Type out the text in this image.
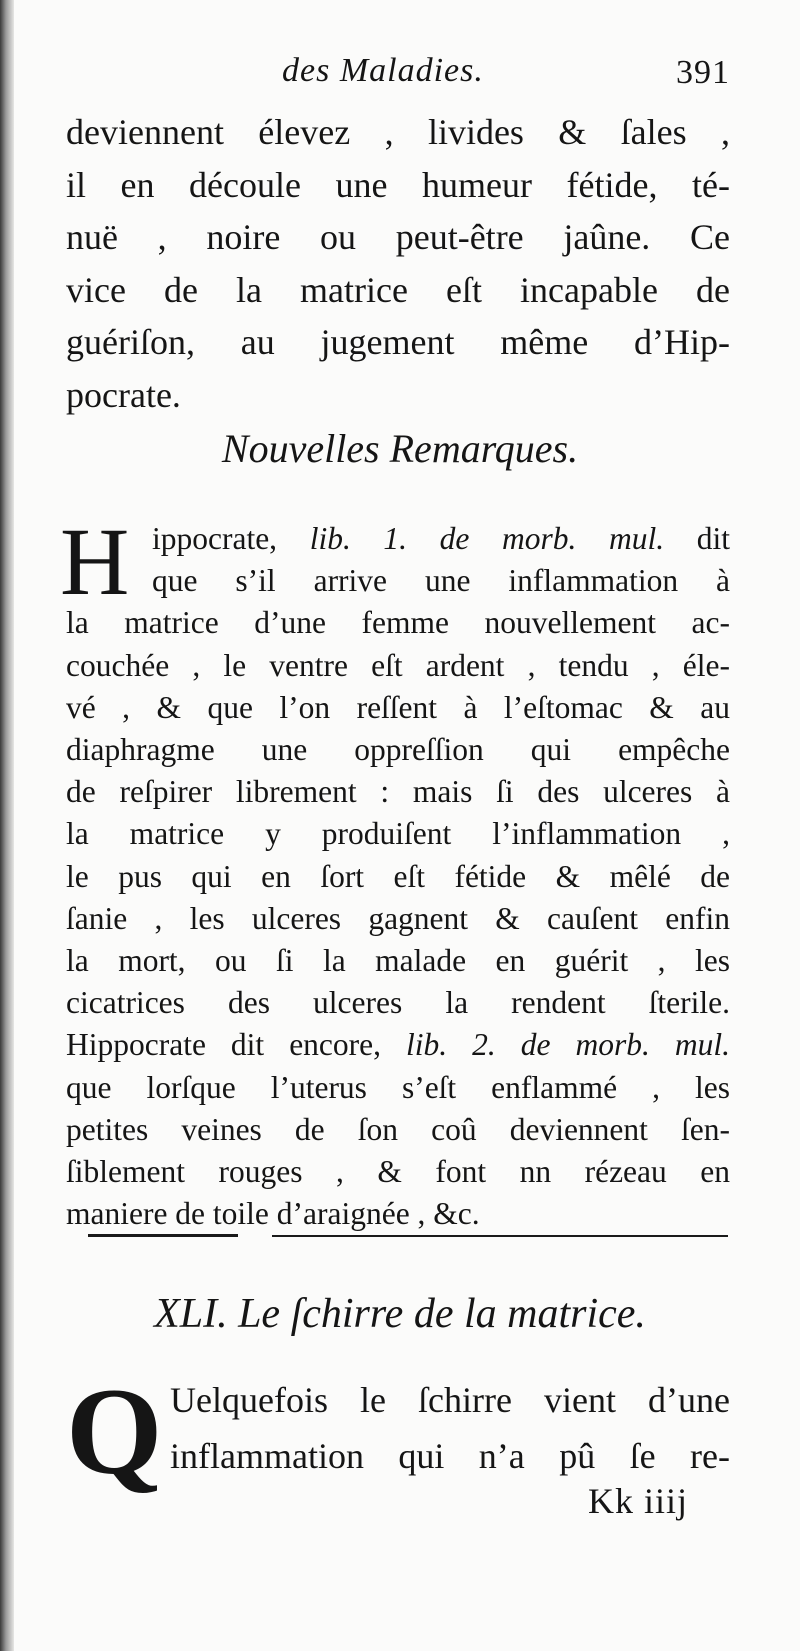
des Maladies.	391
deviennent élevez , livides & ſales ,
il en découle une humeur fétide, té-
nuë , noire ou peut-être jaûne. Ce
vice de la matrice eſt incapable de
guériſon, au jugement même d’Hip-
pocrate.
Nouvelles Remarques.
H ippocrate, lib. 1. de morb. mul. dit
que s’il arrive une inflammation à
la matrice d’une femme nouvellement ac-
couchée , le ventre eſt ardent , tendu , éle-
vé , & que l’on reſſent à l’eſtomac & au
diaphragme une oppreſſion qui empêche
de reſpirer librement : mais ſi des ulceres à
la matrice y produiſent l’inflammation ,
le pus qui en ſort eſt fétide & mêlé de
ſanie , les ulceres gagnent & cauſent enfin
la mort, ou ſi la malade en guérit , les
cicatrices des ulceres la rendent ſterile.
Hippocrate dit encore, lib. 2. de morb. mul.
que lorſque l’uterus s’eſt enflammé , les
petites veines de ſon coû deviennent ſen-
ſiblement rouges , & font nn rézeau en
maniere de toile d’araignée , &c.
XLI. Le ſchirre de la matrice.
Q Uelquefois le ſchirre vient d’une
inflammation qui n’a pû ſe re-
Kk iiij
